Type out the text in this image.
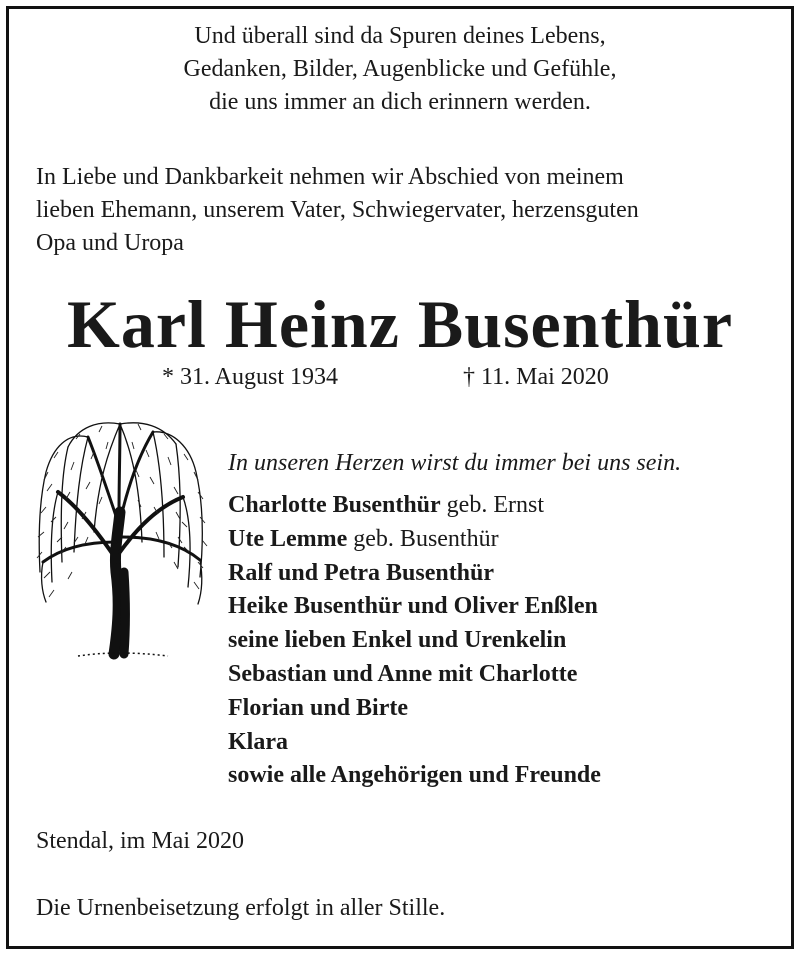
Und überall sind da Spuren deines Lebens,
Gedanken, Bilder, Augenblicke und Gefühle,
die uns immer an dich erinnern werden.
In Liebe und Dankbarkeit nehmen wir Abschied von meinem
lieben Ehemann, unserem Vater, Schwiegervater, herzensguten
Opa und Uropa
Karl Heinz Busenthür
* 31. August 1934	† 11. Mai 2020
In unseren Herzen wirst du immer bei uns sein.
Charlotte Busenthür geb. Ernst
Ute Lemme geb. Busenthür
Ralf und Petra Busenthür
Heike Busenthür und Oliver Enßlen
seine lieben Enkel und Urenkelin
Sebastian und Anne mit Charlotte
Florian und Birte
Klara
sowie alle Angehörigen und Freunde
Stendal, im Mai 2020
Die Urnenbeisetzung erfolgt in aller Stille.
